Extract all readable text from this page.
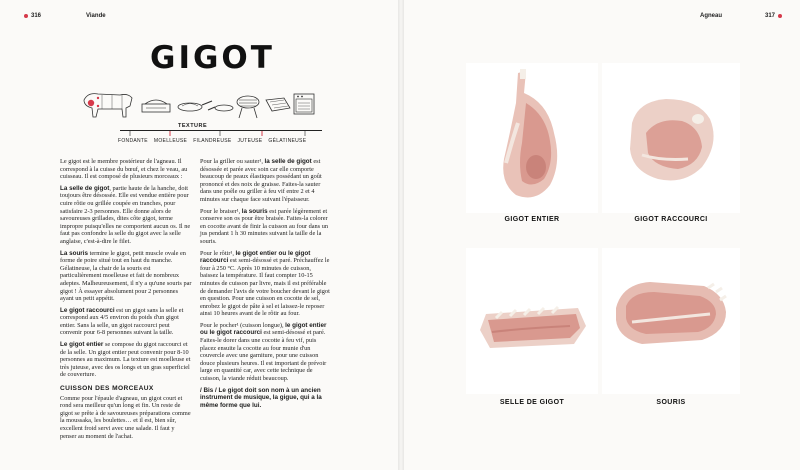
316	Viande	Agneau	317
GIGOT
TEXTURE
FONDANTE MOELLEUSE FILANDREUSE JUTEUSE GÉLATINEUSE

Le gigot est le membre postérieur de l'agneau. Il correspond à la cuisse du bœuf, et chez le veau, au cuisseau. Il est composé de plusieurs morceaux :

La selle de gigot, partie haute de la hanche, doit toujours être désossée. Elle est vendue entière pour cuire rôtie ou grillée coupée en tranches, pour satisfaire 2-3 personnes. Elle donne alors de savoureuses grillades, dites côte gigot, terme impropre puisqu'elles ne comportent aucun os. Il ne faut pas confondre la selle du gigot avec la selle anglaise, c'est-à-dire le filet.

La souris termine le gigot, petit muscle ovale en forme de poire situé tout en haut du manche. Gélatineuse, la chair de la souris est particulièrement moelleuse et fait de nombreux adeptes. Malheureusement, il n'y a qu'une souris par gigot ! À essayer absolument pour 2 personnes ayant un petit appétit.

Le gigot raccourci est un gigot sans la selle et correspond aux 4/5 environ du poids d'un gigot entier. Sans la selle, un gigot raccourci peut convenir pour 6-8 personnes suivant la taille.

Le gigot entier se compose du gigot raccourci et de la selle. Un gigot entier peut convenir pour 8-10 personnes au maximum. La texture est moelleuse et très juteuse, avec des os longs et un gras superficiel de couverture.

CUISSON DES MORCEAUX

Comme pour l'épaule d'agneau, un gigot court et rond sera meilleur qu'un long et fin. Un reste de gigot se prête à de savoureuses préparations comme la moussaka, les boulettes… et il est, bien sûr, excellent froid servi avec une salade. Il faut y penser au moment de l'achat.

Pour la griller ou sauter¹, la selle de gigot est désossée et parée avec soin car elle comporte beaucoup de peaux élastiques possédant un goût prononcé et des noix de graisse. Faites-la sauter dans une poêle ou griller à feu vif entre 2 et 4 minutes sur chaque face suivant l'épaisseur.

Pour le braiser¹, la souris est parée légèrement et conserve son os pour être braisée. Faites-la colorer en cocotte avant de finir la cuisson au four dans un jus pendant 1 h 30 minutes suivant la taille de la souris.

Pour le rôtir¹, le gigot entier ou le gigot raccourci est semi-désossé et paré. Préchauffez le four à 250 °C. Après 10 minutes de cuisson, baissez la température. Il faut compter 10-15 minutes de cuisson par livre, mais il est préférable de demander l'avis de votre boucher devant le gigot en question. Pour une cuisson en cocotte de sel, enrobez le gigot de pâte à sel et laissez-le reposer ainsi 10 heures avant de le rôtir au four.

Pour le pocher¹ (cuisson longue), le gigot entier ou le gigot raccourci est semi-désossé et paré. Faites-le dorer dans une cocotte à feu vif, puis placez ensuite la cocotte au four munie d'un couvercle avec une garniture, pour une cuisson douce plusieurs heures. Il est important de prévoir large en quantité car, avec cette technique de cuisson, la viande réduit beaucoup.

/ Bis / Le gigot doit son nom à un ancien instrument de musique, la gigue, qui a la même forme que lui.

GIGOT ENTIER	GIGOT RACCOURCI
SELLE DE GIGOT	SOURIS
